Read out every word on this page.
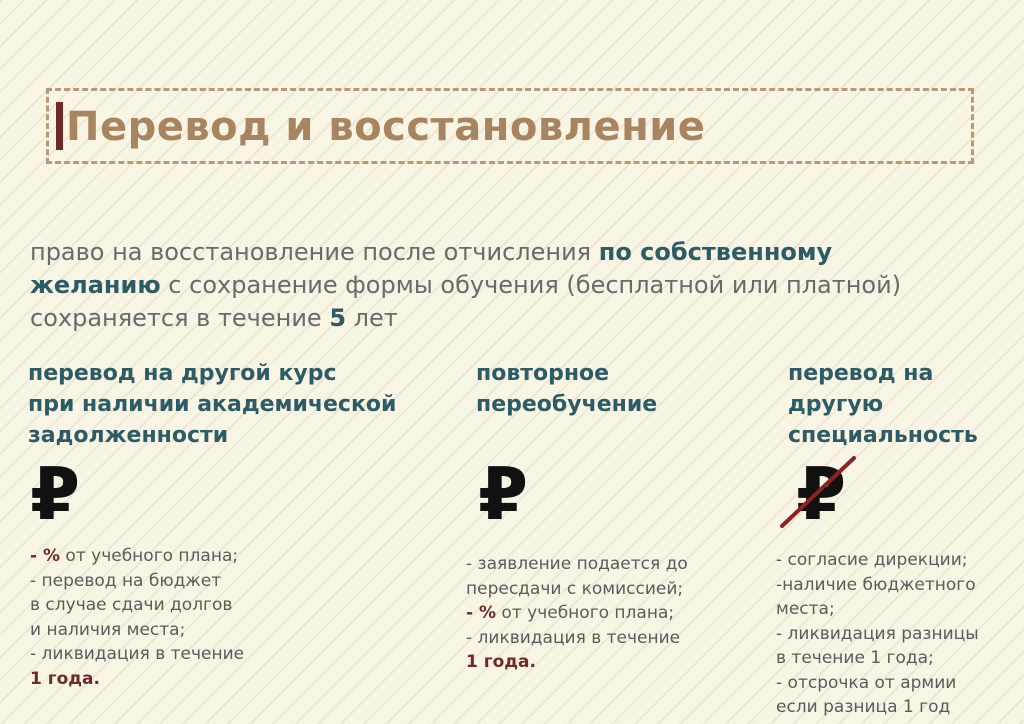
Перевод и восстановление

право на восстановление после отчисления по собственному
желанию с сохранение формы обучения (бесплатной или платной)
сохраняется в течение 5 лет

перевод на другой курс
при наличии академической
задолженности
₽
- % от учебного плана;
- перевод на бюджет
в случае сдачи долгов
и наличия места;
- ликвидация в течение
1 года.
повторное
переобучение
₽
- заявление подается до
пересдачи с комиссией;
- % от учебного плана;
- ликвидация в течение
1 года.
перевод на
другую
специальность
₽
- согласие дирекции;
-наличие бюджетного
места;
- ликвидация разницы
в течение 1 года;
- отсрочка от армии
если разница 1 год
